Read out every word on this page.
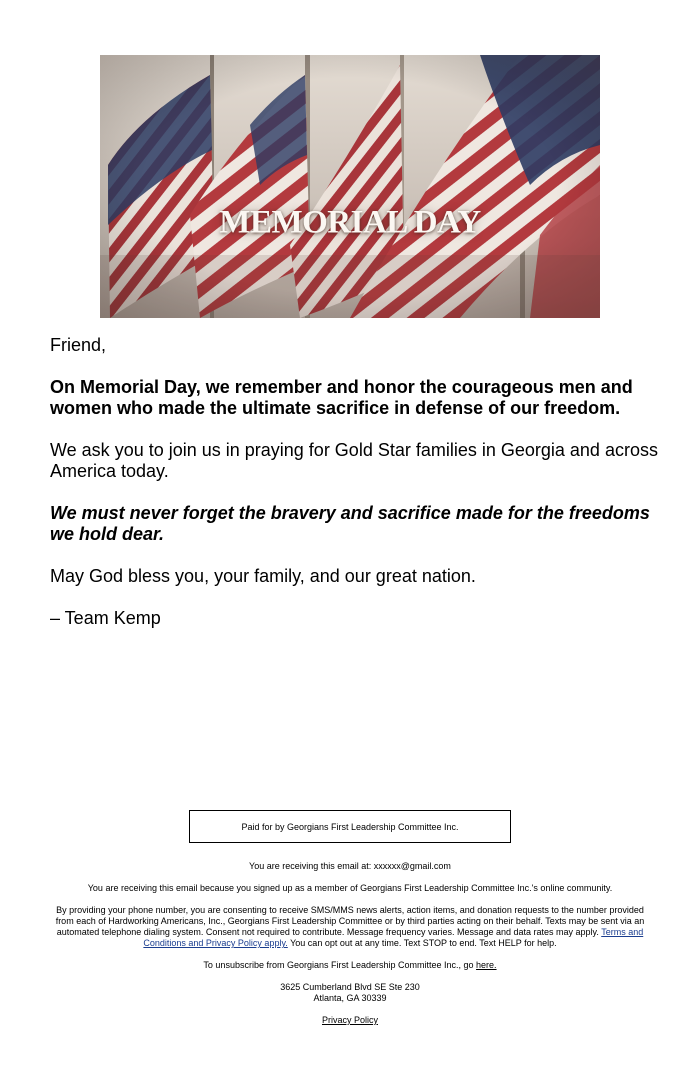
MEMORIAL DAY

Friend,

On Memorial Day, we remember and honor the courageous men and women who made the ultimate sacrifice in defense of our freedom.

We ask you to join us in praying for Gold Star families in Georgia and across America today.

We must never forget the bravery and sacrifice made for the freedoms we hold dear.

May God bless you, your family, and our great nation.

– Team Kemp

Paid for by Georgians First Leadership Committee Inc.

You are receiving this email at: xxxxxx@gmail.com

You are receiving this email because you signed up as a member of Georgians First Leadership Committee Inc.'s online community.

By providing your phone number, you are consenting to receive SMS/MMS news alerts, action items, and donation requests to the number provided from each of Hardworking Americans, Inc., Georgians First Leadership Committee or by third parties acting on their behalf. Texts may be sent via an automated telephone dialing system. Consent not required to contribute. Message frequency varies. Message and data rates may apply. Terms and Conditions and Privacy Policy apply. You can opt out at any time. Text STOP to end. Text HELP for help.

To unsubscribe from Georgians First Leadership Committee Inc., go here.

3625 Cumberland Blvd SE Ste 230
Atlanta, GA 30339

Privacy Policy
